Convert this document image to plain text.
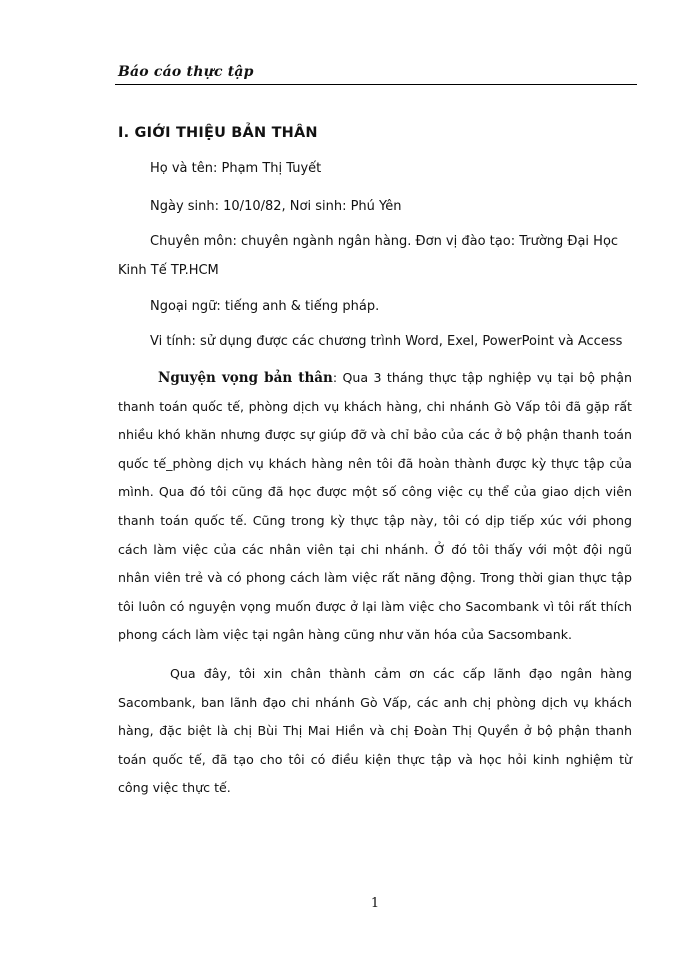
Báo cáo thực tập
I. GIỚI THIỆU BẢN THÂN
Họ và tên: Phạm Thị Tuyết
Ngày sinh: 10/10/82, Nơi sinh: Phú Yên
Chuyên môn: chuyên ngành ngân hàng. Đơn vị đào tạo: Trường Đại Học
Kinh Tế TP.HCM
Ngoại ngữ: tiếng anh & tiếng pháp.
Vi tính: sử dụng được các chương trình Word, Exel, PowerPoint và Access

Nguyện vọng bản thân: Qua 3 tháng thực tập nghiệp vụ tại bộ phận thanh toán quốc tế, phòng dịch vụ khách hàng, chi nhánh Gò Vấp tôi đã gặp rất nhiều khó khăn nhưng được sự giúp đỡ và chỉ bảo của các ở bộ phận thanh toán quốc tế_phòng dịch vụ khách hàng nên tôi đã hoàn thành được kỳ thực tập của mình. Qua đó tôi cũng đã học được một số công việc cụ thể của giao dịch viên thanh toán quốc tế. Cũng trong kỳ thực tập này, tôi có dịp tiếp xúc với phong cách làm việc của các nhân viên tại chi nhánh. Ở đó tôi thấy với một đội ngũ nhân viên trẻ và có phong cách làm việc rất năng động. Trong thời gian thực tập tôi luôn có nguyện vọng muốn được ở lại làm việc cho Sacombank vì tôi rất thích phong cách làm việc tại ngân hàng cũng như văn hóa của Sacsombank.

Qua đây, tôi xin chân thành cảm ơn các cấp lãnh đạo ngân hàng Sacombank, ban lãnh đạo chi nhánh Gò Vấp, các anh chị phòng dịch vụ khách hàng, đặc biệt là chị Bùi Thị Mai Hiền và chị Đoàn Thị Quyền ở bộ phận thanh toán quốc tế, đã tạo cho tôi có điều kiện thực tập và học hỏi kinh nghiệm từ công việc thực tế.

1
